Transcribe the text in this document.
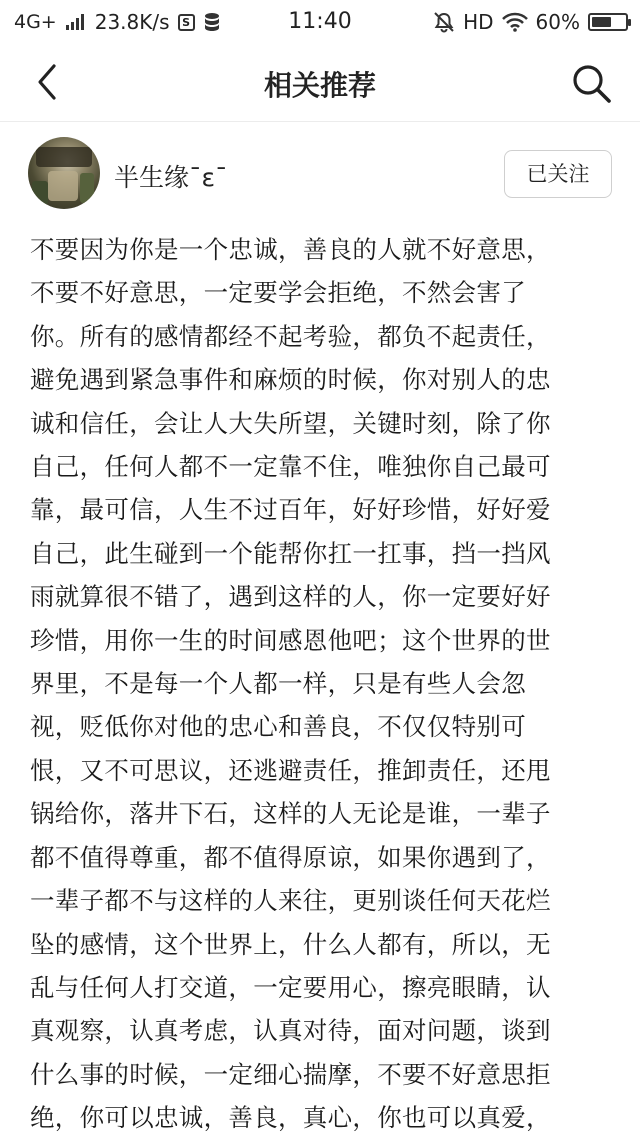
4G+ 23.8K/s	S	11:40	HD 60%
相关推荐
半生缘¯ε¯	已关注

不要因为你是一个忠诚，善良的人就不好意思，

不要不好意思，一定要学会拒绝，不然会害了

你。所有的感情都经不起考验，都负不起责任，

避免遇到紧急事件和麻烦的时候，你对别人的忠

诚和信任，会让人大失所望，关键时刻，除了你

自己，任何人都不一定靠不住，唯独你自己最可

靠，最可信，人生不过百年，好好珍惜，好好爱

自己，此生碰到一个能帮你扛一扛事，挡一挡风

雨就算很不错了，遇到这样的人，你一定要好好

珍惜，用你一生的时间感恩他吧；这个世界的世

界里，不是每一个人都一样，只是有些人会忽

视，贬低你对他的忠心和善良，不仅仅特别可

恨，又不可思议，还逃避责任，推卸责任，还甩

锅给你，落井下石，这样的人无论是谁，一辈子

都不值得尊重，都不值得原谅，如果你遇到了，

一辈子都不与这样的人来往，更别谈任何天花烂

坠的感情，这个世界上，什么人都有，所以，无

乱与任何人打交道，一定要用心，擦亮眼睛，认

真观察，认真考虑，认真对待，面对问题，谈到

什么事的时候，一定细心揣摩，不要不好意思拒

绝，你可以忠诚，善良，真心，你也可以真爱，
